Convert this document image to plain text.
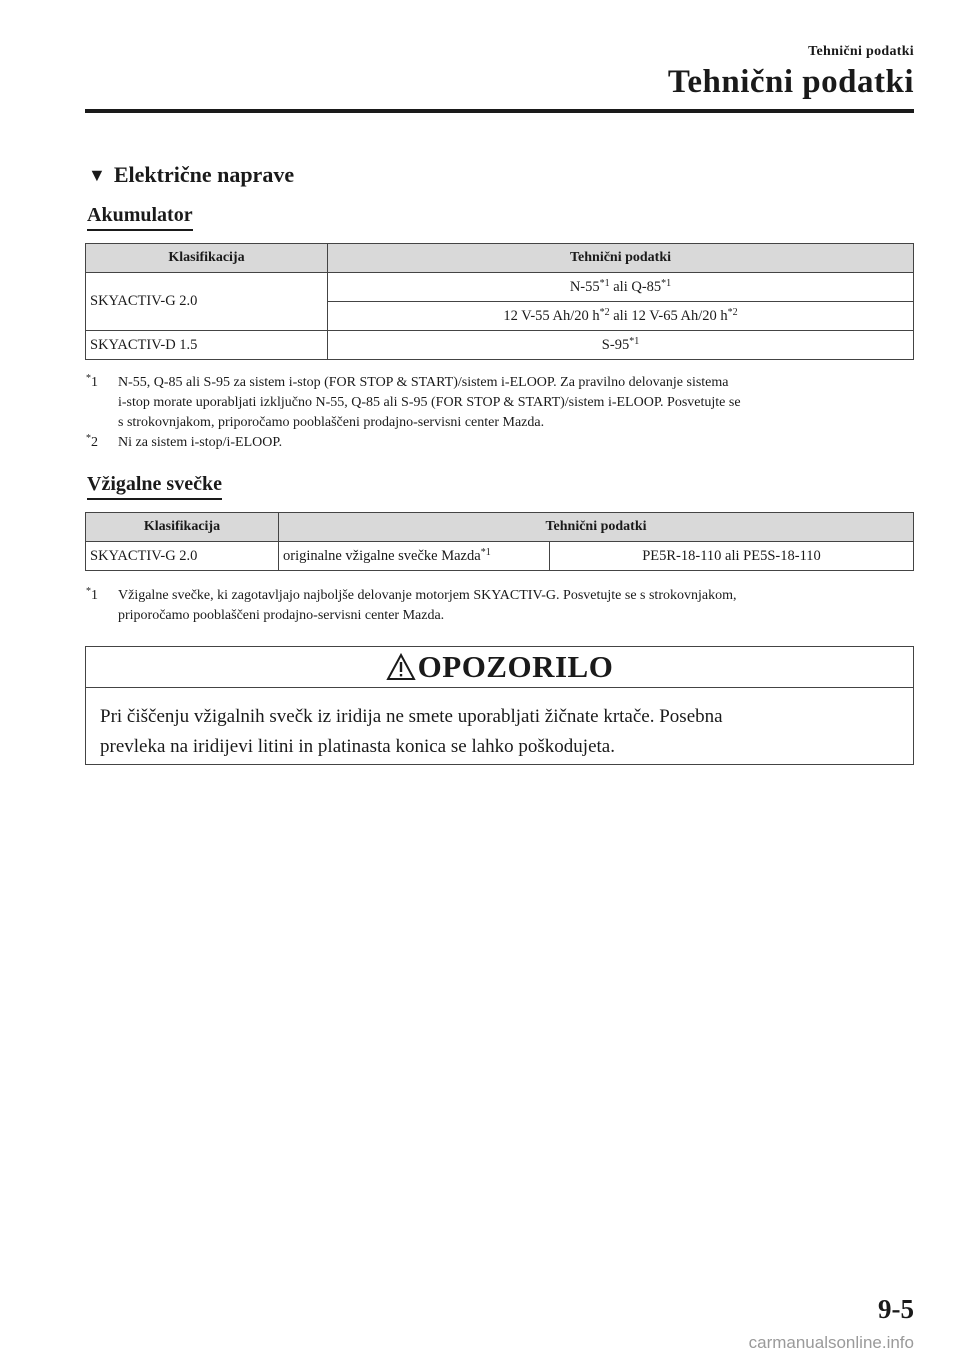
Tehnični podatki
Tehnični podatki
▼ Električne naprave
Akumulator
Klasifikacija	Tehnični podatki
SKYACTIV-G 2.0	N-55$^{*1}$ ali Q-85$^{*1}$
	12 V-55 Ah/20 $h^{*2}$ ali 12 V-65 Ah/20 $h^{*2}$
SKYACTIV-D 1.5	S-95$^{*1}$
*1	N-55, Q-85 ali S-95 za sistem i-stop (FOR STOP & START)/sistem i-ELOOP. Za pravilno delovanje sistema
i-stop morate uporabljati izključno N-55, Q-85 ali S-95 (FOR STOP & START)/sistem i-ELOOP. Posvetujte se
s strokovnjakom, priporočamo pooblaščeni prodajno-servisni center Mazda.
*2	Ni za sistem i-stop/i-ELOOP.
Vžigalne svečke
Klasifikacija	Tehnični podatki	
SKYACTIV-G 2.0	originalne vžigalne svečke Mazda$^{*1}$	PE5R-18-110 ali PE5S-18-110
*1	Vžigalne svečke, ki zagotavljajo najboljše delovanje motorjem SKYACTIV-G. Posvetujte se s strokovnjakom,
priporočamo pooblaščeni prodajno-servisni center Mazda.
OPOZORILO
Pri čiščenju vžigalnih svečk iz iridija ne smete uporabljati žičnate krtače. Posebna
prevleka na iridijevi litini in platinasta konica se lahko poškodujeta.
9-5
carmanualsonline.info
